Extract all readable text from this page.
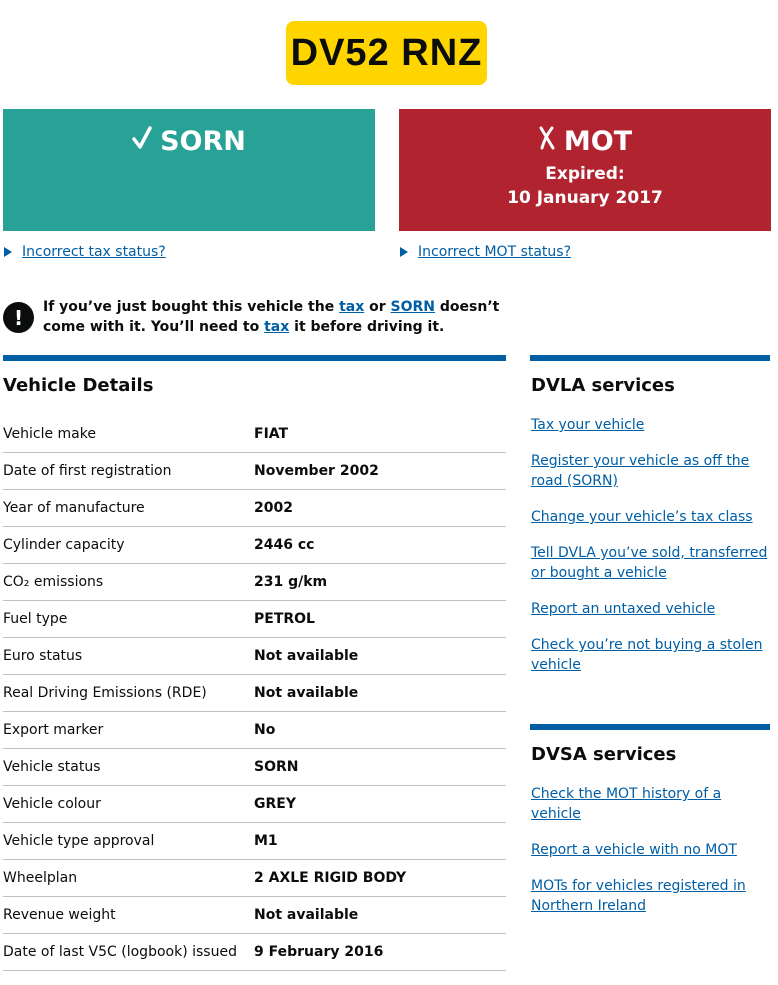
DV52 RNZ
SORN	MOT
Expired:
10 January 2017
Incorrect tax status?	Incorrect MOT status?
!	If you’ve just bought this vehicle the tax or SORN doesn’t come with it. You’ll need to tax it before driving it.
Vehicle Details
Vehicle make	FIAT
Date of first registration	November 2002
Year of manufacture	2002
Cylinder capacity	2446 cc
CO₂ emissions	231 g/km
Fuel type	PETROL
Euro status	Not available
Real Driving Emissions (RDE)	Not available
Export marker	No
Vehicle status	SORN
Vehicle colour	GREY
Vehicle type approval	M1
Wheelplan	2 AXLE RIGID BODY
Revenue weight	Not available
Date of last V5C (logbook) issued	9 February 2016
DVLA services
Tax your vehicle
Register your vehicle as off the road (SORN)
Change your vehicle’s tax class
Tell DVLA you’ve sold, transferred or bought a vehicle
Report an untaxed vehicle
Check you’re not buying a stolen vehicle
DVSA services
Check the MOT history of a vehicle
Report a vehicle with no MOT
MOTs for vehicles registered in Northern Ireland
